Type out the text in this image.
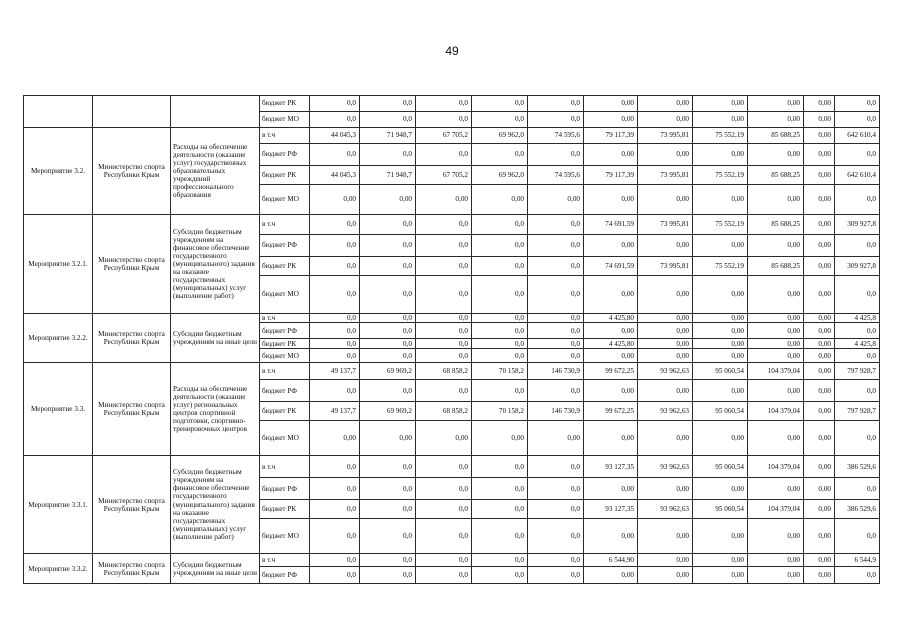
49
			бюджет РК	0,0	0,0	0,0	0,0	0,0	0,00	0,00	0,00	0,00	0,00	0,0
			бюджет МО	0,0	0,0	0,0	0,0	0,0	0,00	0,00	0,00	0,00	0,00	0,0
Мероприятие 3.2.	Министерство спорта Республики Крым	Расходы на обеспечение деятельности (оказание услуг) государственных образовательных учреждений профессионального образования	в т.ч	44 045,3	71 948,7	67 705,2	69 962,0	74 595,6	79 117,39	73 995,81	75 552,19	85 688,25	0,00	642 610,4
			бюджет РФ	0,0	0,0	0,0	0,0	0,0	0,00	0,00	0,00	0,00	0,00	0,0
			бюджет РК	44 045,3	71 948,7	67 705,2	69 962,0	74 595,6	79 117,39	73 995,81	75 552,19	85 688,25	0,00	642 610,4
			бюджет МО	0,00	0,00	0,00	0,00	0,00	0,00	0,00	0,00	0,00	0,00	0,0
Мероприятие 3.2.1.	Министерство спорта Республики Крым	Субсидии бюджетным учреждениям на финансовое обеспечение государственного (муниципального) задания на оказание государственных (муниципальных) услуг (выполнение работ)	в т.ч	0,0	0,0	0,0	0,0	0,0	74 691,59	73 995,81	75 552,19	85 688,25	0,00	309 927,8
			бюджет РФ	0,0	0,0	0,0	0,0	0,0	0,00	0,00	0,00	0,00	0,00	0,0
			бюджет РК	0,0	0,0	0,0	0,0	0,0	74 691,59	73 995,81	75 552,19	85 688,25	0,00	309 927,8
			бюджет МО	0,0	0,0	0,0	0,0	0,0	0,00	0,00	0,00	0,00	0,00	0,0
Мероприятие 3.2.2.	Министерство спорта Республики Крым	Субсидии бюджетным учреждениям на иные цели	в т.ч	0,0	0,0	0,0	0,0	0,0	4 425,80	0,00	0,00	0,00	0,00	4 425,8
			бюджет РФ	0,0	0,0	0,0	0,0	0,0	0,00	0,00	0,00	0,00	0,00	0,0
			бюджет РК	0,0	0,0	0,0	0,0	0,0	4 425,80	0,00	0,00	0,00	0,00	4 425,8
			бюджет МО	0,0	0,0	0,0	0,0	0,0	0,00	0,00	0,00	0,00	0,00	0,0
Мероприятие 3.3.	Министерство спорта Республики Крым	Расходы на обеспечение деятельности (оказание услуг) региональных центров спортивной подготовки, спортивно-тренировочных центров	в т.ч	49 137,7	69 969,2	68 858,2	70 158,2	146 730,9	99 672,25	93 962,63	95 060,54	104 379,04	0,00	797 928,7
			бюджет РФ	0,0	0,0	0,0	0,0	0,0	0,00	0,00	0,00	0,00	0,00	0,0
			бюджет РК	49 137,7	69 969,2	68 858,2	70 158,2	146 730,9	99 672,25	93 962,63	95 060,54	104 379,04	0,00	797 928,7
			бюджет МО	0,00	0,00	0,00	0,00	0,00	0,00	0,00	0,00	0,00	0,00	0,0
Мероприятие 3.3.1.	Министерство спорта Республики Крым	Субсидии бюджетным учреждениям на финансовое обеспечение государственного (муниципального) задания на оказание государственных (муниципальных) услуг (выполнение работ)	в т.ч	0,0	0,0	0,0	0,0	0,0	93 127,35	93 962,63	95 060,54	104 379,04	0,00	386 529,6
			бюджет РФ	0,0	0,0	0,0	0,0	0,0	0,00	0,00	0,00	0,00	0,00	0,0
			бюджет РК	0,0	0,0	0,0	0,0	0,0	93 127,35	93 962,63	95 060,54	104 379,04	0,00	386 529,6
			бюджет МО	0,0	0,0	0,0	0,0	0,0	0,00	0,00	0,00	0,00	0,00	0,0
Мероприятие 3.3.2.	Министерство спорта Республики Крым	Субсидии бюджетным учреждениям на иные цели	в т.ч	0,0	0,0	0,0	0,0	0,0	6 544,90	0,00	0,00	0,00	0,00	6 544,9
			бюджет РФ	0,0	0,0	0,0	0,0	0,0	0,00	0,00	0,00	0,00	0,00	0,0
